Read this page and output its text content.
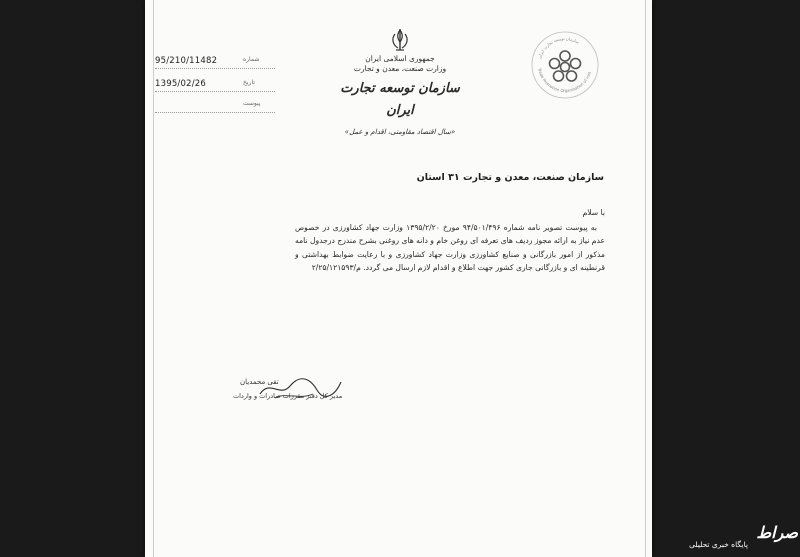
95/210/11482	شماره
1395/02/26	تاریخ
پیوست
جمهوری اسلامی ایران
وزارت صنعت، معدن و تجارت
سازمان توسعه تجارت ایران
«سال اقتصاد مقاومتی، اقدام و عمل»
سازمان توسعه تجارت ایران
Trade Promotion Organization of Iran
سازمان صنعت، معدن و تجارت ۳۱ استان
با سلام
به پیوست تصویر نامه شماره ۹۴/۵۰۱/۴۹۶ مورخ ۱۳۹۵/۲/۲۰ وزارت جهاد کشاورزی در خصوص عدم نیاز به ارائه مجوز ردیف های تعرفه ای روغن خام و دانه های روغنی بشرح مندرج درجدول نامه مذکور از امور بازرگانی و صنایع کشاورزی وزارت جهاد کشاورزی و با رعایت ضوابط بهداشتی و قرنطینه ای و بازرگانی جاری کشور جهت اطلاع و اقدام لازم ارسال می گردد. م/۲/۲۵/۱۲۱۵۹۳
تقی محمدیان
مدیر کل دفتر مقررات صادرات و واردات
صراط
پایگاه خبری تحلیلی
